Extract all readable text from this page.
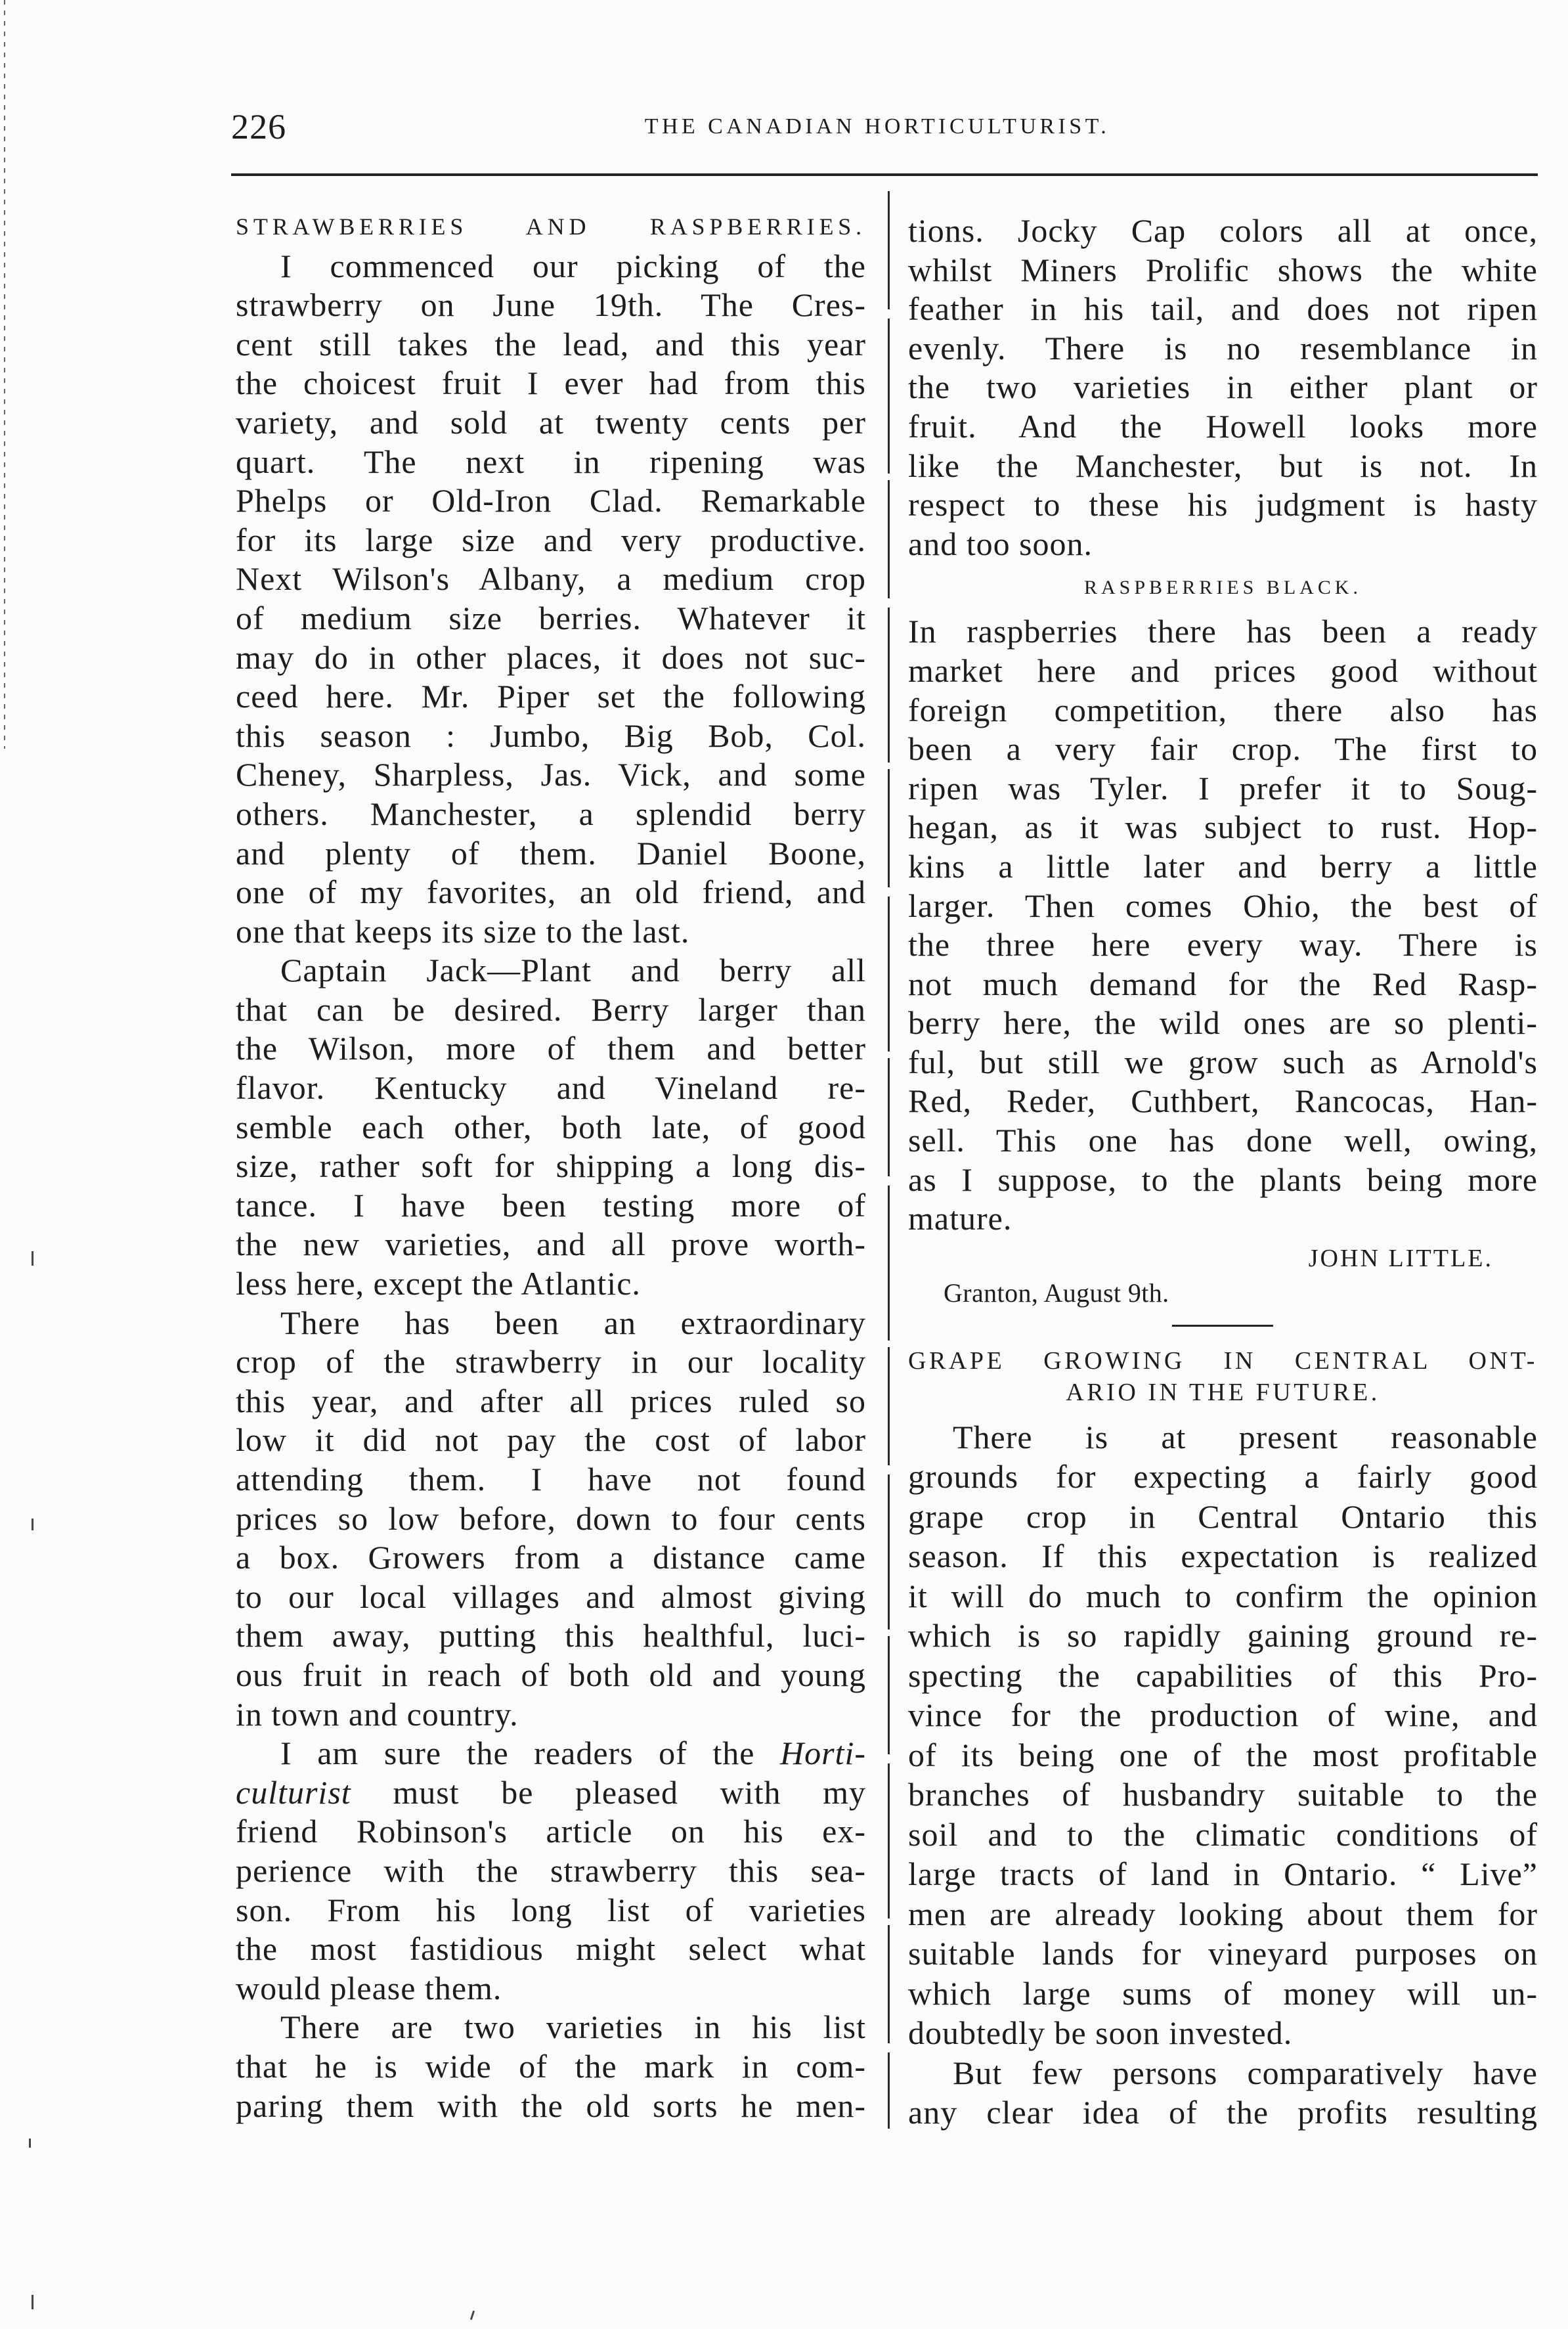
226	THE CANADIAN HORTICULTURIST.
STRAWBERRIES AND RASPBERRIES.
I commenced our picking of the
strawberry on June 19th. The Cres-
cent still takes the lead, and this year
the choicest fruit I ever had from this
variety, and sold at twenty cents per
quart. The next in ripening was
Phelps or Old-Iron Clad. Remarkable
for its large size and very productive.
Next Wilson's Albany, a medium crop
of medium size berries. Whatever it
may do in other places, it does not suc-
ceed here. Mr. Piper set the following
this season : Jumbo, Big Bob, Col.
Cheney, Sharpless, Jas. Vick, and some
others. Manchester, a splendid berry
and plenty of them. Daniel Boone,
one of my favorites, an old friend, and
one that keeps its size to the last.
Captain Jack—Plant and berry all
that can be desired. Berry larger than
the Wilson, more of them and better
flavor. Kentucky and Vineland re-
semble each other, both late, of good
size, rather soft for shipping a long dis-
tance. I have been testing more of
the new varieties, and all prove worth-
less here, except the Atlantic.
There has been an extraordinary
crop of the strawberry in our locality
this year, and after all prices ruled so
low it did not pay the cost of labor
attending them. I have not found
prices so low before, down to four cents
a box. Growers from a distance came
to our local villages and almost giving
them away, putting this healthful, luci-
ous fruit in reach of both old and young
in town and country.
I am sure the readers of the Horti-
culturist must be pleased with my
friend Robinson's article on his ex-
perience with the strawberry this sea-
son. From his long list of varieties
the most fastidious might select what
would please them.
There are two varieties in his list
that he is wide of the mark in com-
paring them with the old sorts he men-
tions. Jocky Cap colors all at once,
whilst Miners Prolific shows the white
feather in his tail, and does not ripen
evenly. There is no resemblance in
the two varieties in either plant or
fruit. And the Howell looks more
like the Manchester, but is not. In
respect to these his judgment is hasty
and too soon.
RASPBERRIES BLACK.
In raspberries there has been a ready
market here and prices good without
foreign competition, there also has
been a very fair crop. The first to
ripen was Tyler. I prefer it to Soug-
hegan, as it was subject to rust. Hop-
kins a little later and berry a little
larger. Then comes Ohio, the best of
the three here every way. There is
not much demand for the Red Rasp-
berry here, the wild ones are so plenti-
ful, but still we grow such as Arnold's
Red, Reder, Cuthbert, Rancocas, Han-
sell. This one has done well, owing,
as I suppose, to the plants being more
mature.
JOHN LITTLE.
Granton, August 9th.
GRAPE GROWING IN CENTRAL ONT-
ARIO IN THE FUTURE.
There is at present reasonable
grounds for expecting a fairly good
grape crop in Central Ontario this
season. If this expectation is realized
it will do much to confirm the opinion
which is so rapidly gaining ground re-
specting the capabilities of this Pro-
vince for the production of wine, and
of its being one of the most profitable
branches of husbandry suitable to the
soil and to the climatic conditions of
large tracts of land in Ontario. “ Live”
men are already looking about them for
suitable lands for vineyard purposes on
which large sums of money will un-
doubtedly be soon invested.
But few persons comparatively have
any clear idea of the profits resulting
